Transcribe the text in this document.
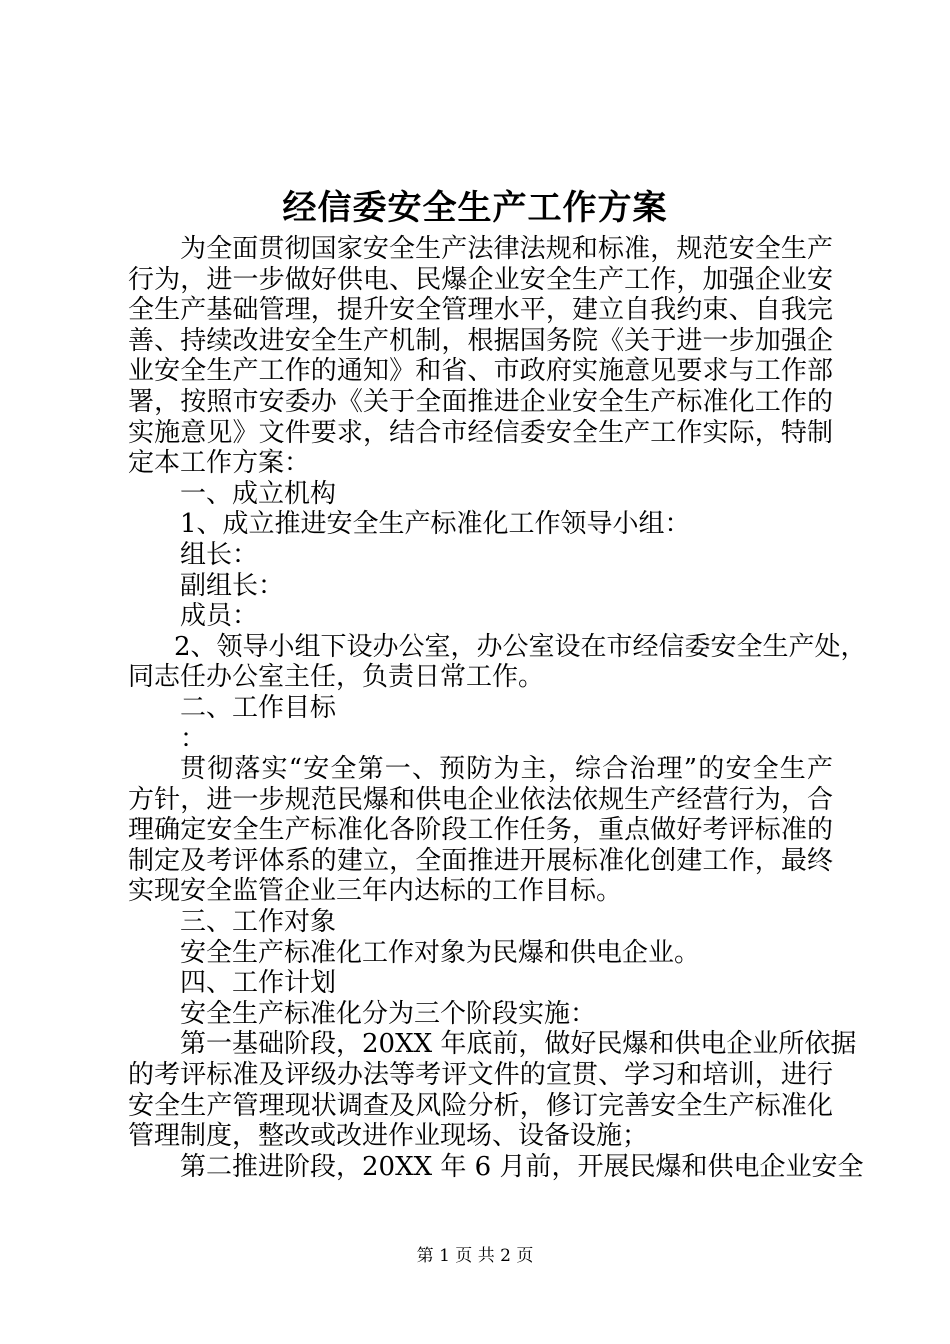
经信委安全生产工作方案
为全面贯彻国家安全生产法律法规和标准，规范安全生产
行为，进一步做好供电、民爆企业安全生产工作，加强企业安
全生产基础管理，提升安全管理水平，建立自我约束、自我完
善、持续改进安全生产机制，根据国务院《关于进一步加强企
业安全生产工作的通知》和省、市政府实施意见要求与工作部
署，按照市安委办《关于全面推进企业安全生产标准化工作的
实施意见》文件要求，结合市经信委安全生产工作实际，特制
定本工作方案：
一、成立机构
1、成立推进安全生产标准化工作领导小组：
组长：
副组长：
成员：
2、领导小组下设办公室，办公室设在市经信委安全生产处，
同志任办公室主任，负责日常工作。
二、工作目标
：
贯彻落实“安全第一、预防为主，综合治理”的安全生产
方针，进一步规范民爆和供电企业依法依规生产经营行为，合
理确定安全生产标准化各阶段工作任务，重点做好考评标准的
制定及考评体系的建立，全面推进开展标准化创建工作，最终
实现安全监管企业三年内达标的工作目标。
三、工作对象
安全生产标准化工作对象为民爆和供电企业。
四、工作计划
安全生产标准化分为三个阶段实施：
第一基础阶段，20XX 年底前，做好民爆和供电企业所依据
的考评标准及评级办法等考评文件的宣贯、学习和培训，进行
安全生产管理现状调查及风险分析，修订完善安全生产标准化
管理制度，整改或改进作业现场、设备设施；
第二推进阶段，20XX 年 6 月前，开展民爆和供电企业安全
第 1 页 共 2 页
